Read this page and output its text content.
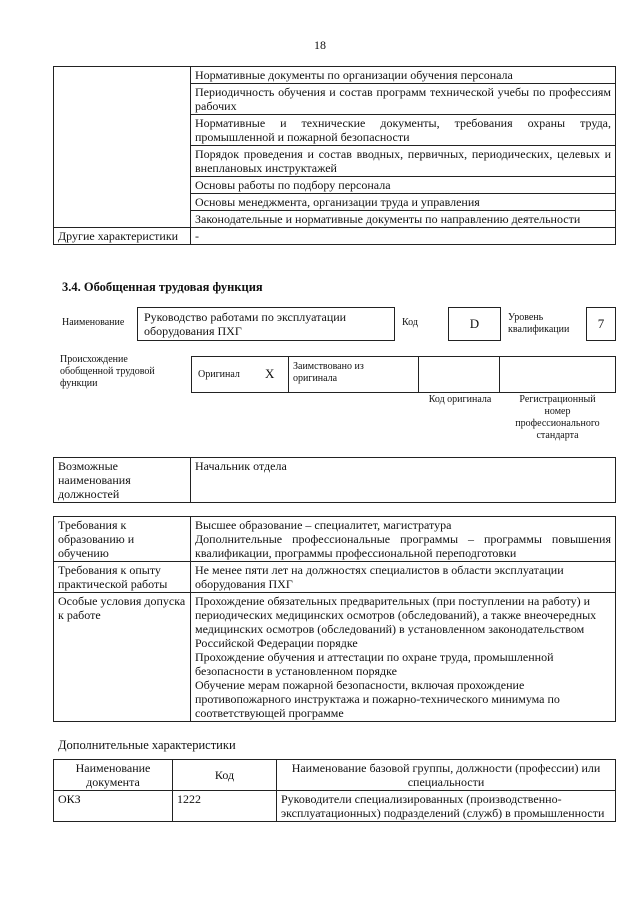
18
	Нормативные документы по организации обучения персонала
	Периодичность обучения и состав программ технической учебы по профессиям рабочих
	Нормативные и технические документы, требования охраны труда, промышленной и пожарной безопасности
	Порядок проведения и состав вводных, первичных, периодических, целевых и внеплановых инструктажей
	Основы работы по подбору персонала
	Основы менеджмента, организации труда и управления
	Законодательные и нормативные документы по направлению деятельности
Другие характеристики	-
3.4. Обобщенная трудовая функция
Наименование	Руководство работами по эксплуатации оборудования ПХГ
Код	D	Уровень квалификации	7
Происхождение обобщенной трудовой функции
Оригинал X Заимствовано из оригинала
Код оригинала	Регистрационный номер профессионального стандарта
Возможные наименования должностей	Начальник отдела
Требования к образованию и обучению	Высшее образование – специалитет, магистратура
Дополнительные профессиональные программы – программы повышения квалификации, программы профессиональной переподготовки

Требования к опыту практической работы	Не менее пяти лет на должностях специалистов в области эксплуатации оборудования ПХГ
Особые условия допуска к работе	Прохождение обязательных предварительных (при поступлении на работу) и периодических медицинских осмотров (обследований), а также внеочередных медицинских осмотров (обследований) в установленном законодательством Российской Федерации порядке
Прохождение обучения и аттестации по охране труда, промышленной безопасности в установленном порядке
Обучение мерам пожарной безопасности, включая прохождение противопожарного инструктажа и пожарно-технического минимума по соответствующей программе
Дополнительные характеристики
Наименование документа	Код	Наименование базовой группы, должности (профессии) или специальности
ОКЗ	1222	Руководители специализированных (производственно-эксплуатационных) подразделений (служб) в промышленности
